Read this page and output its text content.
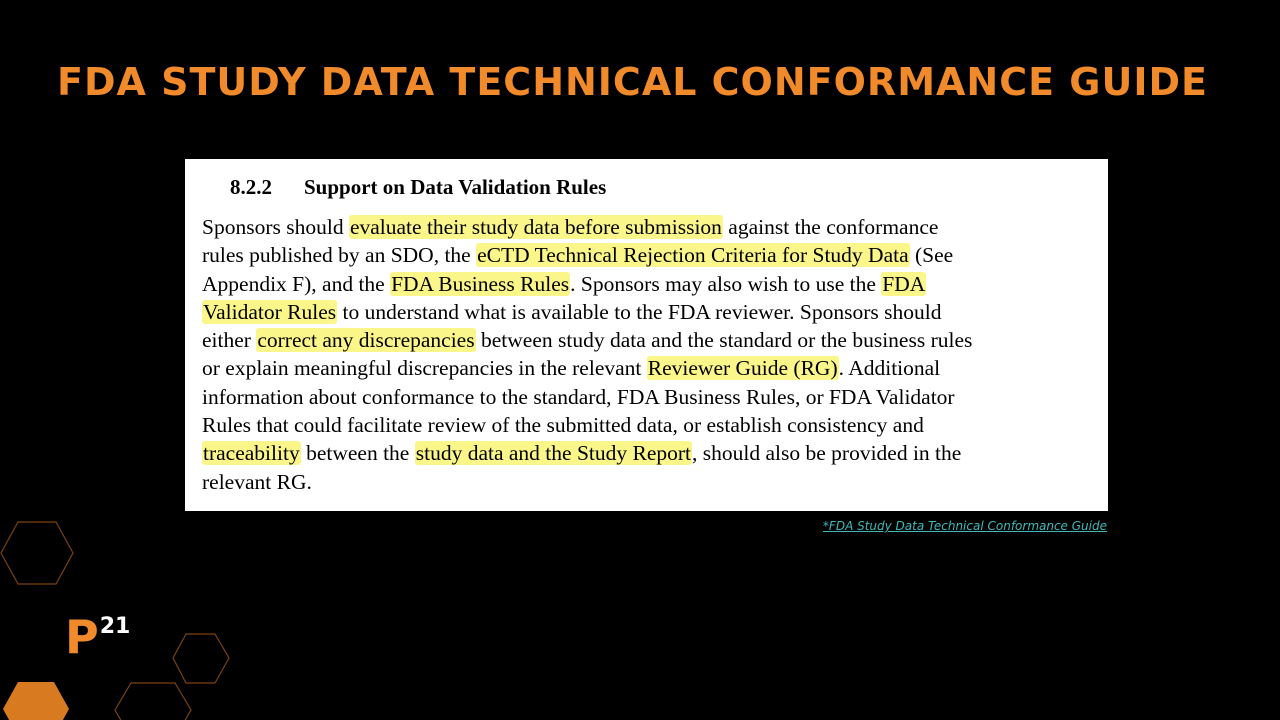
FDA STUDY DATA TECHNICAL CONFORMANCE GUIDE
8.2.2 Support on Data Validation Rules
Sponsors should evaluate their study data before submission against the conformance
rules published by an SDO, the eCTD Technical Rejection Criteria for Study Data (See
Appendix F), and the FDA Business Rules. Sponsors may also wish to use the FDA
Validator Rules to understand what is available to the FDA reviewer. Sponsors should
either correct any discrepancies between study data and the standard or the business rules
or explain meaningful discrepancies in the relevant Reviewer Guide (RG). Additional
information about conformance to the standard, FDA Business Rules, or FDA Validator
Rules that could facilitate review of the submitted data, or establish consistency and
traceability between the study data and the Study Report, should also be provided in the
relevant RG.
*FDA Study Data Technical Conformance Guide
P21
